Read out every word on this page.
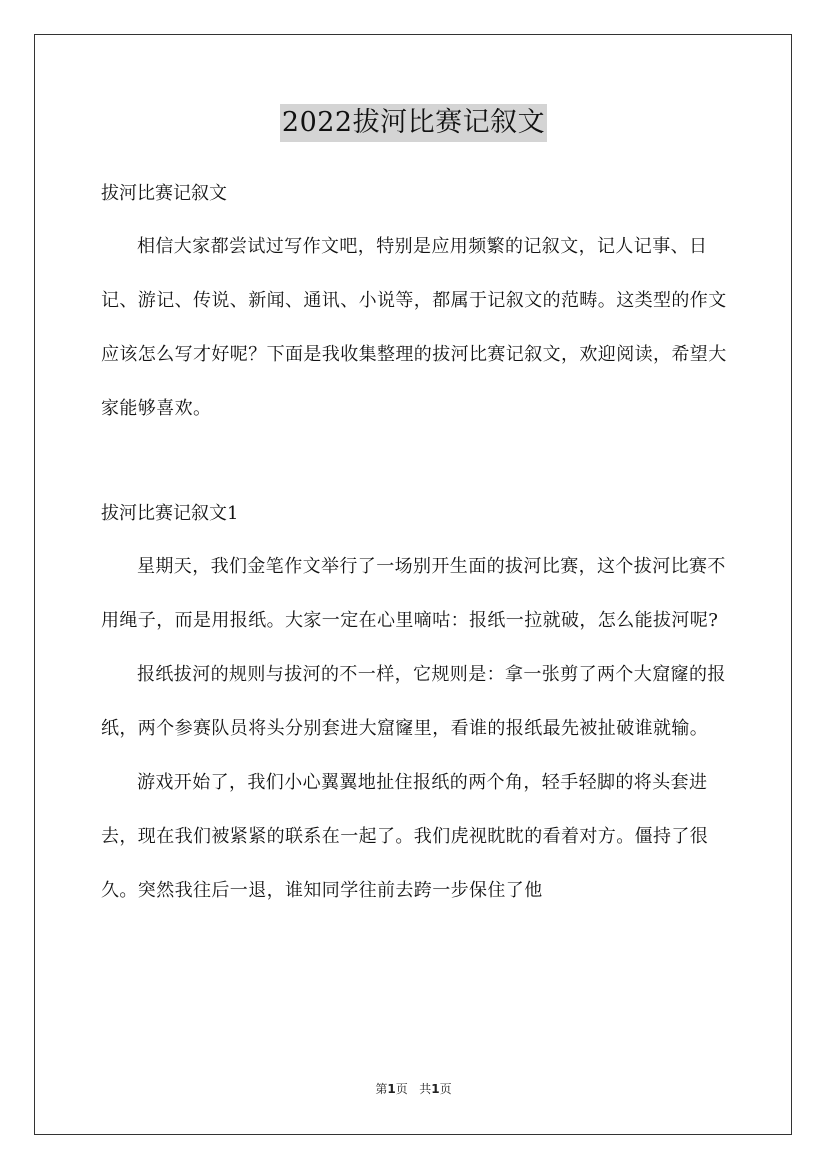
2022拔河比赛记叙文

拔河比赛记叙文

相信大家都尝试过写作文吧，特别是应用频繁的记叙文，记人记事、日记、游记、传说、新闻、通讯、小说等，都属于记叙文的范畴。这类型的作文应该怎么写才好呢？下面是我收集整理的拔河比赛记叙文，欢迎阅读，希望大家能够喜欢。

拔河比赛记叙文1

星期天，我们金笔作文举行了一场别开生面的拔河比赛，这个拔河比赛不用绳子，而是用报纸。大家一定在心里嘀咕：报纸一拉就破，怎么能拔河呢?

报纸拔河的规则与拔河的不一样，它规则是：拿一张剪了两个大窟窿的报纸，两个参赛队员将头分别套进大窟窿里，看谁的报纸最先被扯破谁就输。

游戏开始了，我们小心翼翼地扯住报纸的两个角，轻手轻脚的将头套进去，现在我们被紧紧的联系在一起了。我们虎视眈眈的看着对方。僵持了很久。突然我往后一退，谁知同学往前去跨一步保住了他

第1页 共1页
